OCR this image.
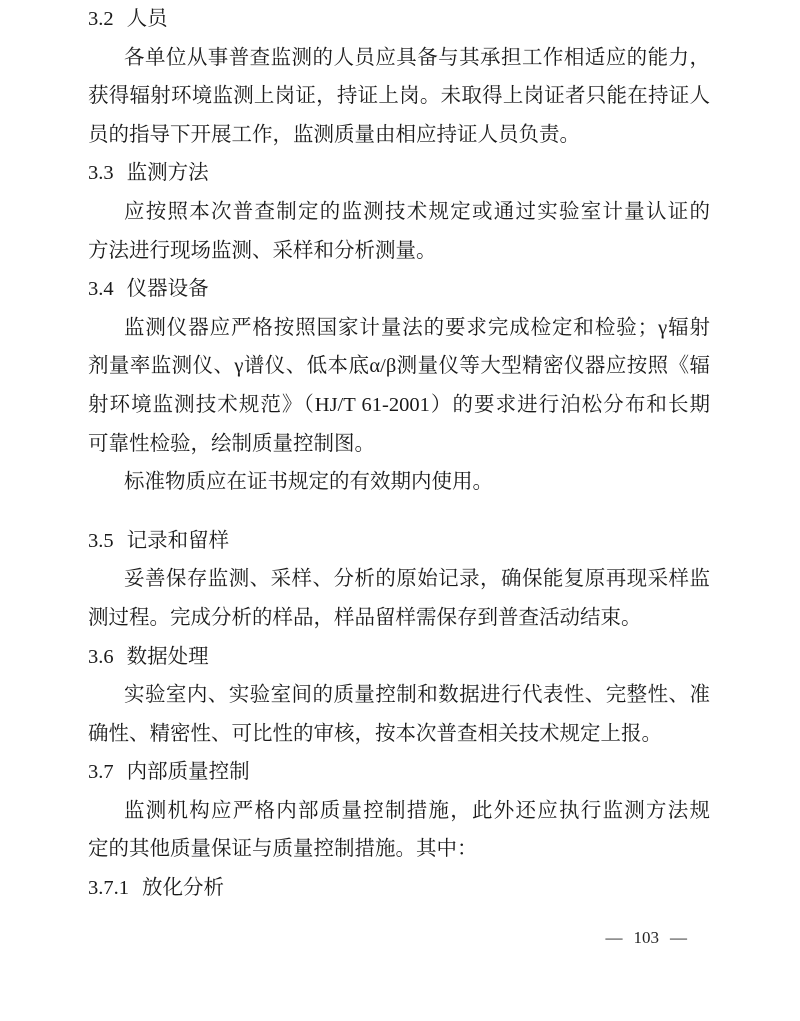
3.2 人员
各单位从事普查监测的人员应具备与其承担工作相适应的能力，
获得辐射环境监测上岗证，持证上岗。未取得上岗证者只能在持证人
员的指导下开展工作，监测质量由相应持证人员负责。
3.3 监测方法
应按照本次普查制定的监测技术规定或通过实验室计量认证的
方法进行现场监测、采样和分析测量。
3.4 仪器设备
监测仪器应严格按照国家计量法的要求完成检定和检验；γ辐射
剂量率监测仪、γ谱仪、低本底α/β测量仪等大型精密仪器应按照《辐
射环境监测技术规范》（HJ/T 61-2001）的要求进行泊松分布和长期
可靠性检验，绘制质量控制图。
标准物质应在证书规定的有效期内使用。
3.5 记录和留样
妥善保存监测、采样、分析的原始记录，确保能复原再现采样监
测过程。完成分析的样品，样品留样需保存到普查活动结束。
3.6 数据处理
实验室内、实验室间的质量控制和数据进行代表性、完整性、准
确性、精密性、可比性的审核，按本次普查相关技术规定上报。
3.7 内部质量控制
监测机构应严格内部质量控制措施，此外还应执行监测方法规
定的其他质量保证与质量控制措施。其中：
3.7.1 放化分析
— 103 —
